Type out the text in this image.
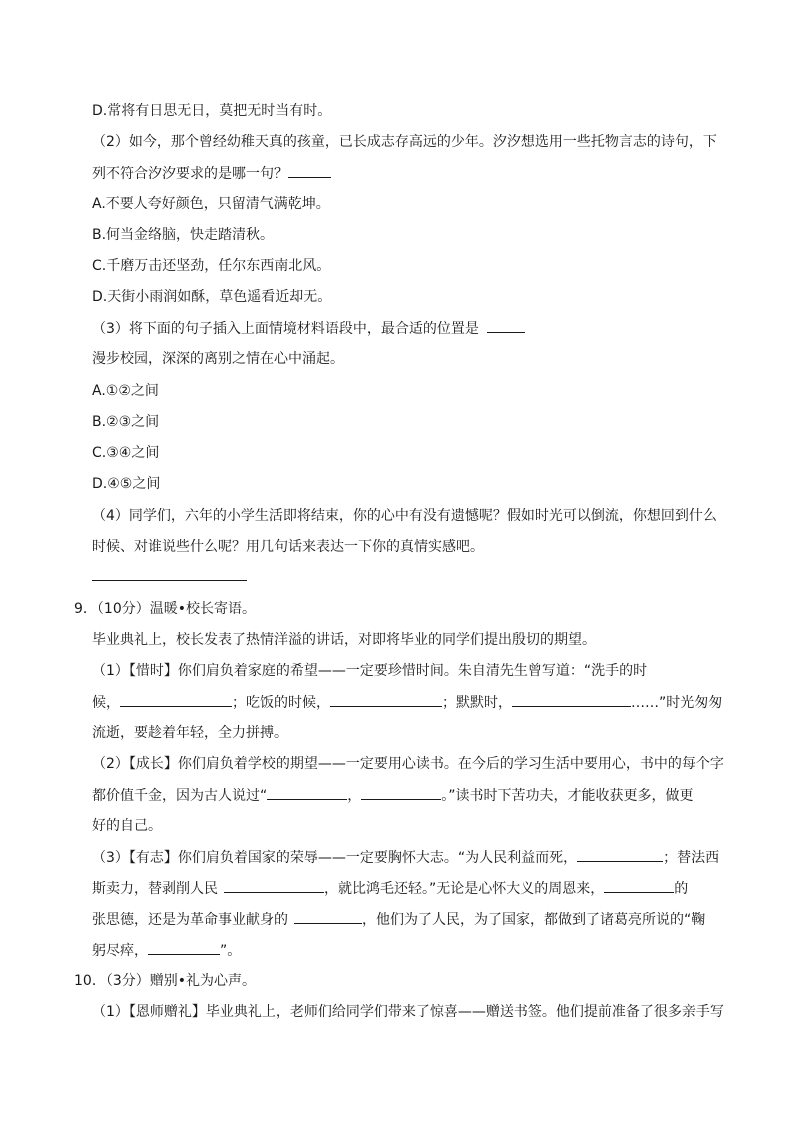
D.常将有日思无日，莫把无时当有时。
（2）如今，那个曾经幼稚天真的孩童，已长成志存高远的少年。汐汐想选用一些托物言志的诗句，下
列不符合汐汐要求的是哪一句？
A.不要人夸好颜色，只留清气满乾坤。
B.何当金络脑，快走踏清秋。
C.千磨万击还坚劲，任尔东西南北风。
D.天街小雨润如酥，草色遥看近却无。
（3）将下面的句子插入上面情境材料语段中，最合适的位置是
漫步校园，深深的离别之情在心中涌起。
A.①②之间
B.②③之间
C.③④之间
D.④⑤之间
（4）同学们，六年的小学生活即将结束，你的心中有没有遗憾呢？假如时光可以倒流，你想回到什么
时候、对谁说些什么呢？用几句话来表达一下你的真情实感吧。
9．（10分）温暖•校长寄语。
毕业典礼上，校长发表了热情洋溢的讲话，对即将毕业的同学们提出殷切的期望。
（1）【惜时】你们肩负着家庭的希望——一定要珍惜时间。朱自清先生曾写道：“洗手的时
候，	；吃饭的时候，	；默默时，	……”时光匆匆
流逝，要趁着年轻，全力拼搏。
（2）【成长】你们肩负着学校的期望——一定要用心读书。在今后的学习生活中要用心，书中的每个字
都价值千金，因为古人说过“	，	。”读书时下苦功夫，才能收获更多，做更
好的自己。
（3）【有志】你们肩负着国家的荣辱——一定要胸怀大志。“为人民利益而死，	；替法西
斯卖力，替剥削人民	，就比鸿毛还轻。”无论是心怀大义的周恩来，	的
张思德，还是为革命事业献身的	，他们为了人民，为了国家，都做到了诸葛亮所说的“鞠
躬尽瘁，	”。
10．（3分）赠别•礼为心声。
（1）【恩师赠礼】毕业典礼上，老师们给同学们带来了惊喜——赠送书签。他们提前准备了很多亲手写
